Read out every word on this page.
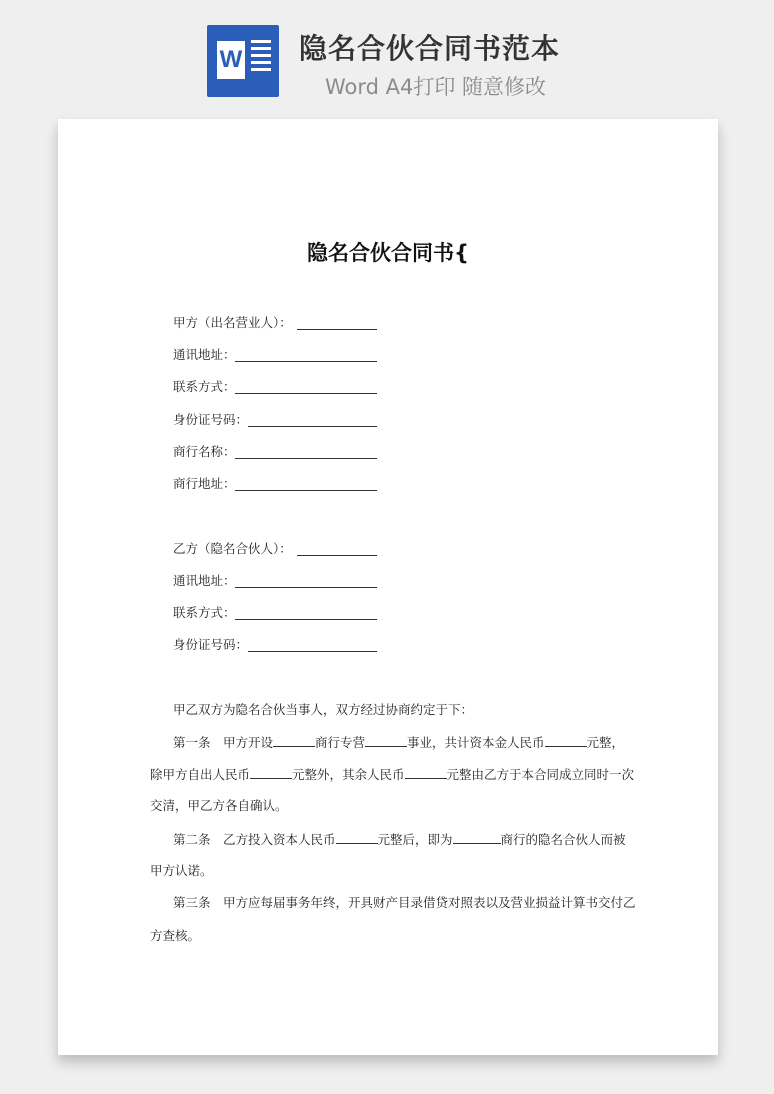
W 隐名合伙合同书范本
Word A4打印 随意修改

隐名合伙合同书{
甲方（出名营业人）：
通讯地址：
联系方式：
身份证号码：
商行名称：
商行地址：
乙方（隐名合伙人）：
通讯地址：
联系方式：
身份证号码：
甲乙双方为隐名合伙当事人，双方经过协商约定于下：
第一条　甲方开设	商行专营	事业，共计资本金人民币	元整，
除甲方自出人民币	元整外，其余人民币	元整由乙方于本合同成立同时一次
交清，甲乙方各自确认。
第二条　乙方投入资本人民币	元整后，即为	商行的隐名合伙人而被
甲方认诺。
第三条　甲方应每届事务年终，开具财产目录借贷对照表以及营业损益计算书交付乙
方查核。
